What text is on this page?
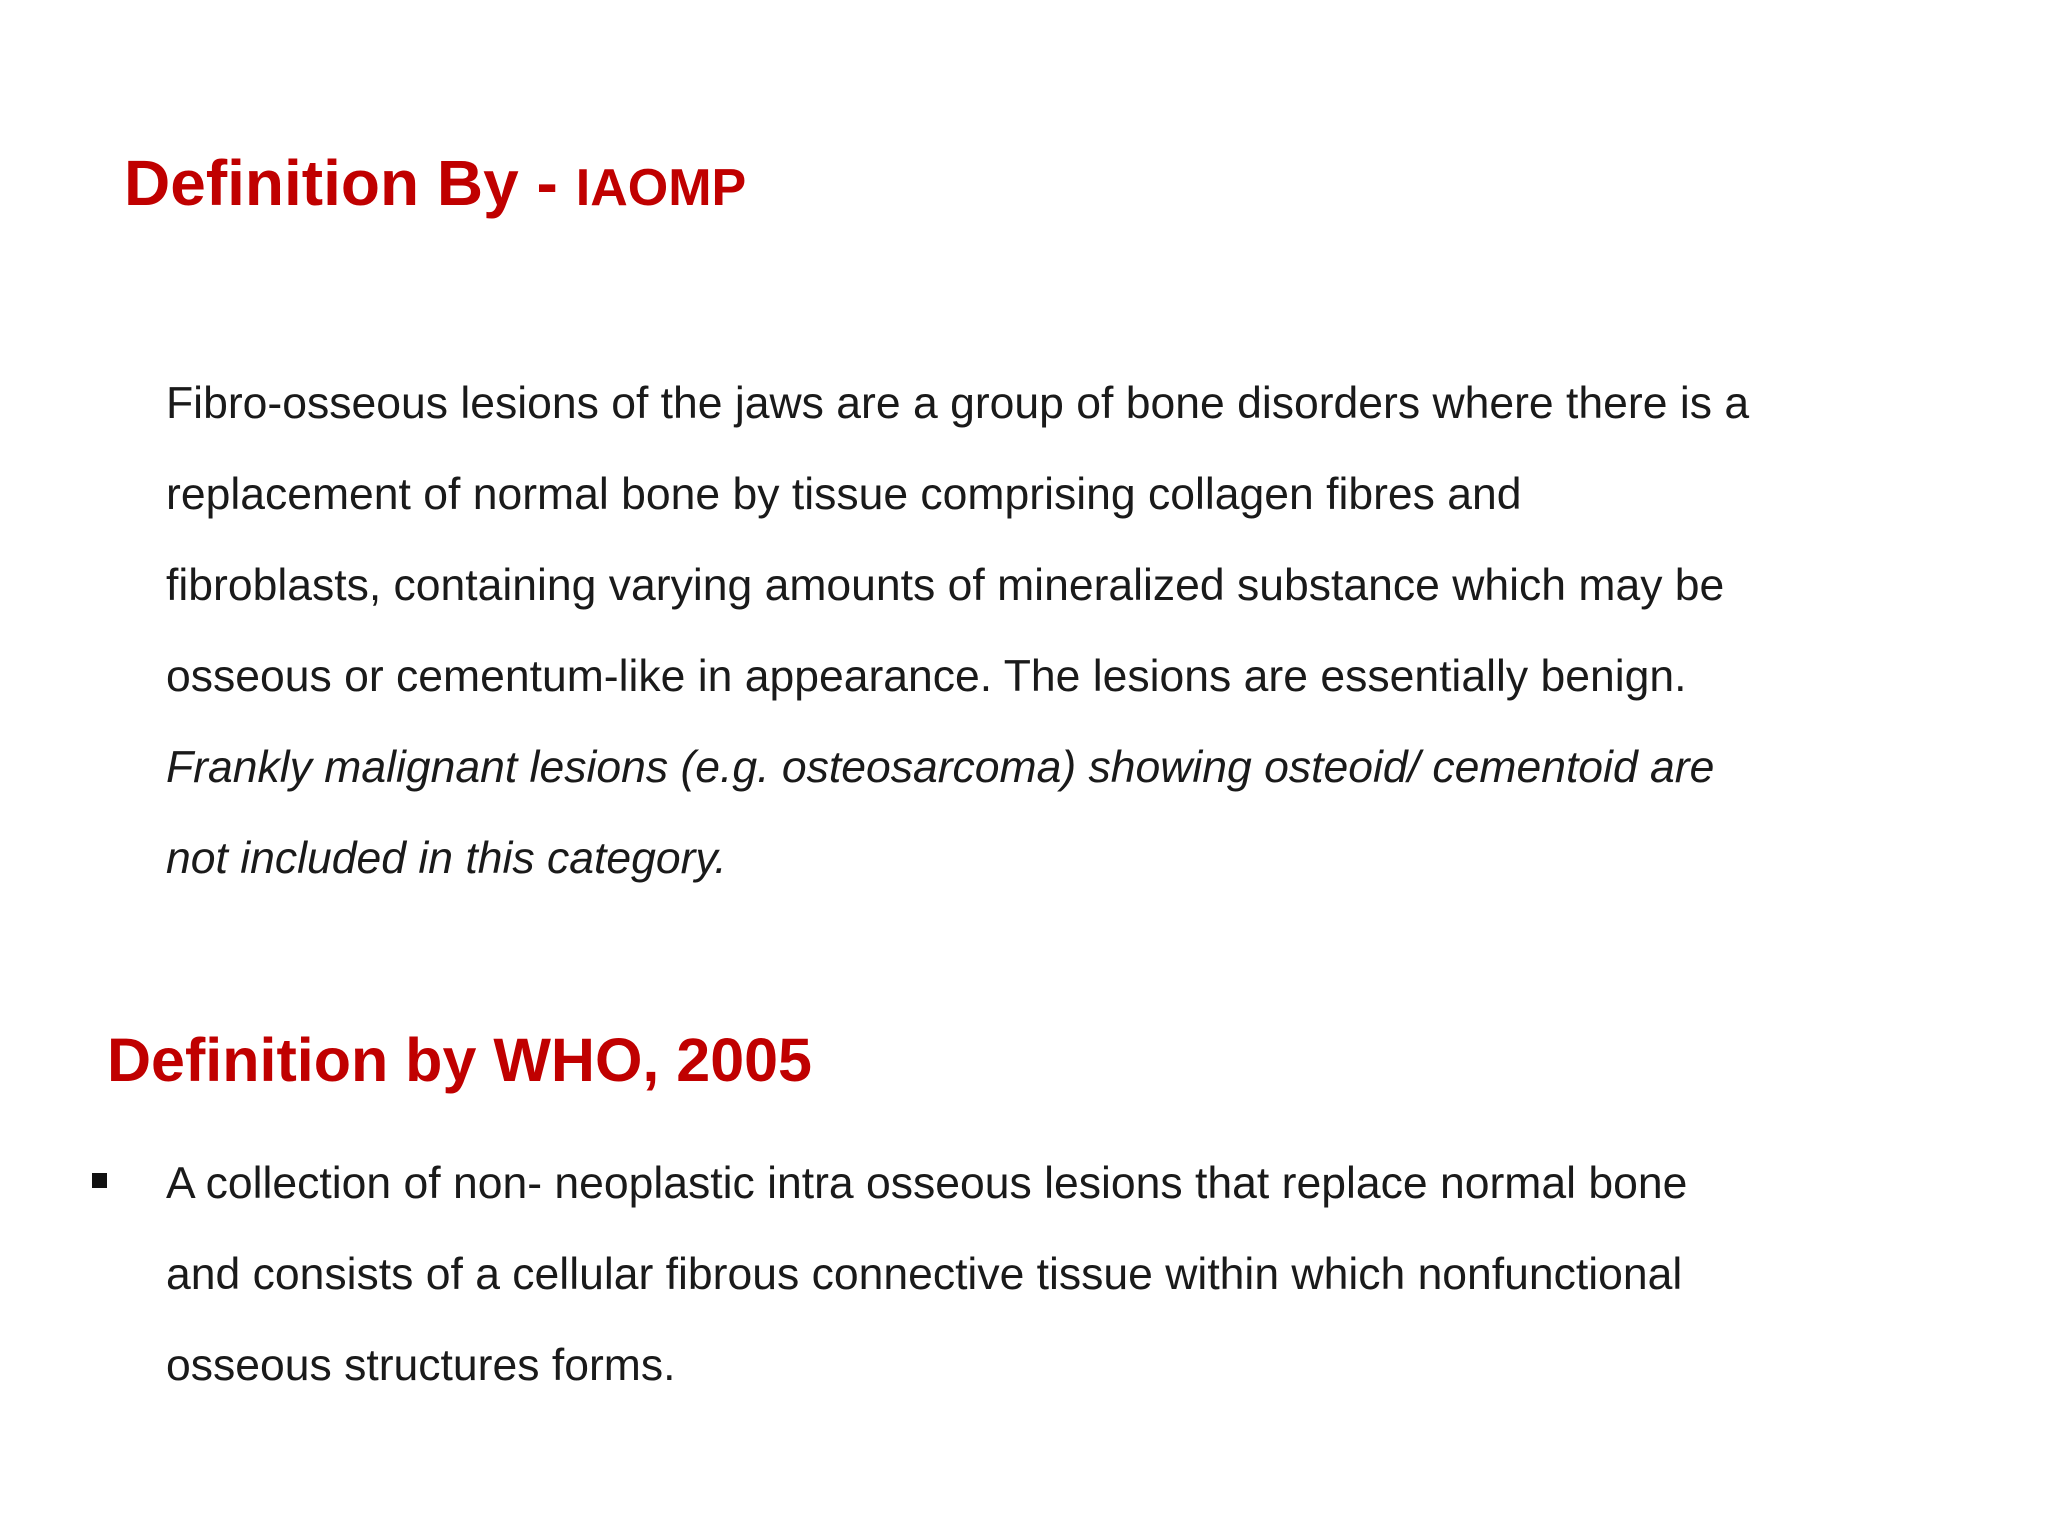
Definition By - IAOMP
Fibro-osseous lesions of the jaws are a group of bone disorders where there is a
replacement of normal bone by tissue comprising collagen fibres and
fibroblasts, containing varying amounts of mineralized substance which may be
osseous or cementum-like in appearance. The lesions are essentially benign.
Frankly malignant lesions (e.g. osteosarcoma) showing osteoid/ cementoid are
not included in this category.
Definition by WHO, 2005
A collection of non- neoplastic intra osseous lesions that replace normal bone
and consists of a cellular fibrous connective tissue within which nonfunctional
osseous structures forms.
